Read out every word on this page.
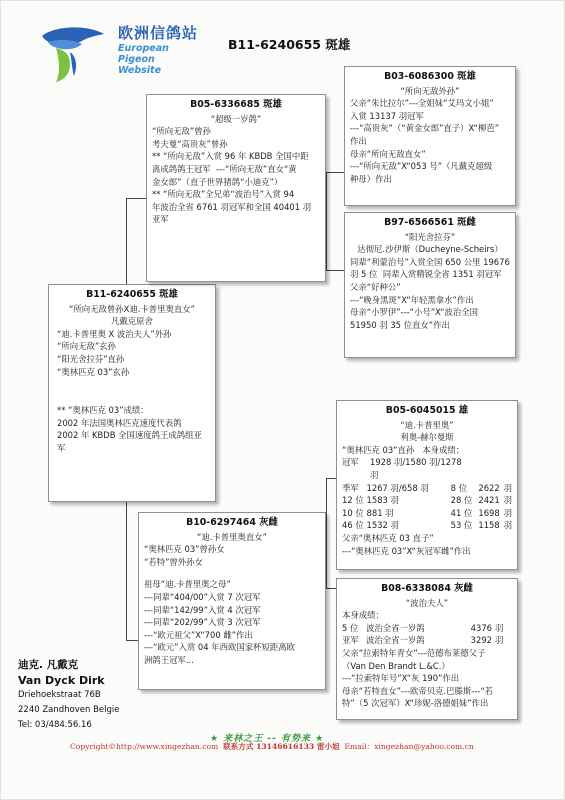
欧洲信鸽站
European Pigeon
Website
B11-6240655 斑雄
B11-6240655 斑雄
“所向无敌曾孙X迪.卡普里奥直女”
凡戴克原舍
“迪.卡普里奥 X 波治夫人”外孙
“所向无敌”玄孙
“阳光舍拉芬”直孙
“奥林匹克 03”玄孙
** “奥林匹克 03”成绩：
2002 年法国奥林匹克速度代表鸽
2002 年 KBDB 全国速度鸽王成鸽组亚军
B05-6336685 斑雄
“超级一岁鸽”
“所向无敌”曾孙
考夫曼“高贵灰”曾孙
** “所向无敌”入赏 96 年 KBDB 全国中距
离成鸽鸽王冠军  ---“所向无敌”直女“黄
金女郎”（直子世界猪鸽“小迪克”）
** “所向无敌”全兄弟“波治号”入赏 94
年波治全省 6761 羽冠军和全国 40401 羽
亚军
B03-6086300 斑雄
“所向无敌外孙”
父亲“朱比拉尔”---全姐妹“艾玛文小姐”
入赏 13137 羽冠军
---“高贵灰”（“黄金女郎”直子）X“柳芭”
作出
母亲“所向无敌直女”
---“所向无敌”X“053 号”（凡戴克超级
种母）作出
B97-6566561 斑雌
“阳光舍拉芬”
达彻尼.沙伊斯（Ducheyne-Scheirs）
同辈“利蒙治号”入赏全国 650 公里 19676
羽 5 位  同辈入赏精锐全省 1351 羽冠军
父亲“好种公”
---“晚身黑斑”X“年轻黑拿水”作出
母亲“小罗伊”---“小号”X“波治全国
51950 羽 35 位直女”作出
B10-6297464 灰雌
“迪.卡普里奥直女”
“奥林匹克 03”曾孙女
“若特”曾外孙女
祖母“迪.卡普里奥之母”
---同辈“404/00”入赏 7 次冠军
---同辈“142/99”入赏 4 次冠军
---同辈“202/99”入赏 3 次冠军
---“欧元祖父”X“700 雌”作出
---“欧元”入赏 04 年西欧国家杯短距离欧
洲鸽王冠军...
B05-6045015 雄
“迪.卡普里奥”
利奥-赫尔曼斯
“奥林匹克 03”直孙   本身成绩：
冠军	1928 羽/1580 羽/1278 羽
季军 1267 羽/658 羽	8 位	2622 羽
12 位 1583 羽	28 位 2421 羽
10 位 881 羽	41 位 1698 羽
46 位 1532 羽	53 位 1158 羽
父亲“奥林匹克 03 直子”
---“奥林匹克 03”X“灰冠军雌”作出
B08-6338084 灰雌
“波治夫人”
本身成绩：
5 位 波治全省一岁鸽	4376 羽
亚军 波治全省一岁鸽	3292 羽
父亲“拉索特年青女”---范德布莱德父子
（Van Den Brandt L.&C.）
---“拉索特年号”X“灰 190”作出
母亲“若特直女”---欧帝贝克.巴滕斯---“若
特”（5 次冠军）X“珍妮-洛德姐妹”作出
迪克. 凡戴克
Van Dyck Dirk
Driehoekstraat 76B
2240 Zandhoven Belgie
Tel: 03/484.56.16
★ 来林之王 -- 有势来 ★
Copyright©http://www.xingezhan.com 联系方式 13146616133 雷小姐 Email：xingezhan@yahoo.com.cn
